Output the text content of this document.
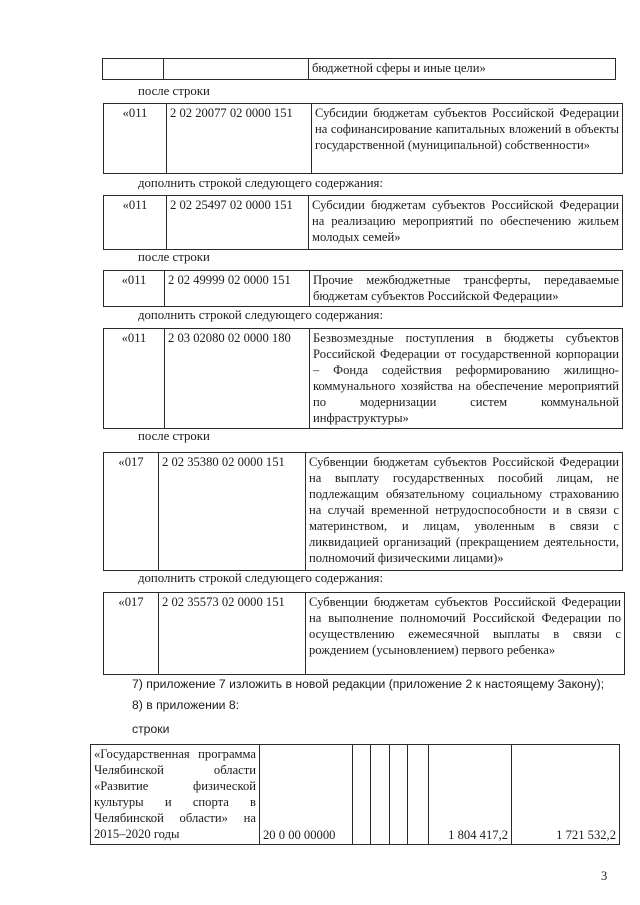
		бюджетной сферы и иные цели»
после строки
«011	2 02 20077 02 0000 151	Субсидии бюджетам субъектов Российской Федерации на софинансирование капитальных вложений в объекты государственной (муниципальной) собственности»
дополнить строкой следующего содержания:
«011	2 02 25497 02 0000 151	Субсидии бюджетам субъектов Российской Федерации на реализацию мероприятий по обеспечению жильем молодых семей»
после строки
«011	2 02 49999 02 0000 151	Прочие межбюджетные трансферты, передаваемые бюджетам субъектов Российской Федерации»
дополнить строкой следующего содержания:
«011	2 03 02080 02 0000 180	Безвозмездные поступления в бюджеты субъектов Российской Федерации от государственной корпорации – Фонда содействия реформированию жилищно-коммунального хозяйства на обеспечение мероприятий по модернизации систем коммунальной инфраструктуры»
после строки
«017	2 02 35380 02 0000 151	Субвенции бюджетам субъектов Российской Федерации на выплату государственных пособий лицам, не подлежащим обязательному социальному страхованию на случай временной нетрудоспособности и в связи с материнством, и лицам, уволенным в связи с ликвидацией организаций (прекращением деятельности, полномочий физическими лицами)»
дополнить строкой следующего содержания:
«017	2 02 35573 02 0000 151	Субвенции бюджетам субъектов Российской Федерации на выполнение полномочий Российской Федерации по осуществлению ежемесячной выплаты в связи с рождением (усыновлением) первого ребенка»
7) приложение 7 изложить в новой редакции (приложение 2 к настоящему Закону);
8) в приложении 8:
строки
«Государственная программа Челябинской области «Развитие физической культуры и спорта в Челябинской области» на 2015–2020 годы	20 0 00 00000					1 804 417,2	1 721 532,2
3
